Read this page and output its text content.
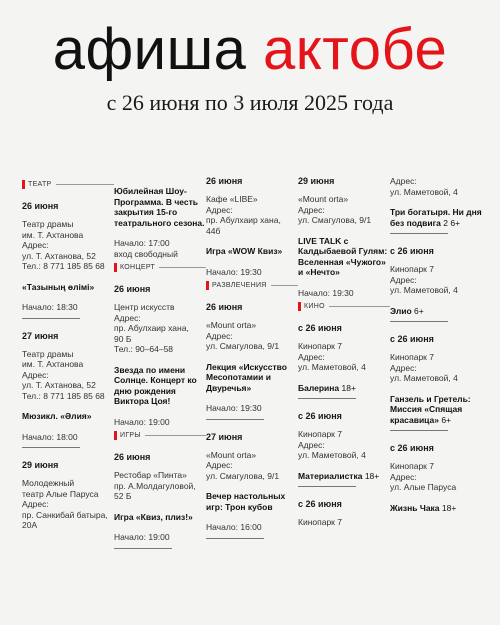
афиша актобе
с 26 июня по 3 июля 2025 года
ТЕАТР
26 июня
Театр драмы
им. Т. Ахтанова
Адрес:
ул. Т. Ахтанова, 52
Тел.: 8 771 185 85 68
«Тазының өлімі»
Начало: 18:30
27 июня
Театр драмы
им. Т. Ахтанова
Адрес:
ул. Т. Ахтанова, 52
Тел.: 8 771 185 85 68
Мюзикл. «Әлия»
Начало: 18:00
29 июня
Молодежный
театр Алые Паруса
Адрес:
пр. Санкибай батыра,
20А
Юбилейная Шоу-Программа. В честь закрытия 15-го театрального сезона.
Начало: 17:00
вход свободный
КОНЦЕРТ
26 июня
Центр искусств
Адрес:
пр. Абулхаир хана,
90 Б
Тел.: 90–64–58
Звезда по имени Солнце. Концерт ко дню рождения Виктора Цоя!
Начало: 19:00
ИГРЫ
26 июня
Рестобар «Пинта»
пр. А.Молдагуловой,
52 Б
Игра «Квиз, плиз!»
Начало: 19:00
26 июня
Кафе «LIBE»
Адрес:
пр. Абулхаир хана,
44б
Игра «WOW Квиз»
Начало: 19:30
РАЗВЛЕЧЕНИЯ
26 июня
«Mount orta»
Адрес:
ул. Смагулова, 9/1
Лекция «Искусство Месопотамии и Двуречья»
Начало: 19:30
27 июня
«Mount orta»
Адрес:
ул. Смагулова, 9/1
Вечер настольных игр: Трон кубов
Начало: 16:00
29 июня
«Mount orta»
Адрес:
ул. Смагулова, 9/1
LIVE TALK с Калдыбаевой Гулям: Вселенная «Чужого» и «Нечто»
Начало: 19:30
КИНО
с 26 июня
Кинопарк 7
Адрес:
ул. Маметовой, 4
Балерина 18+
с 26 июня
Кинопарк 7
Адрес:
ул. Маметовой, 4
Материалистка 18+
с 26 июня
Кинопарк 7
Адрес:
ул. Маметовой, 4
Три богатыря. Ни дня без подвига 2 6+
с 26 июня
Кинопарк 7
Адрес:
ул. Маметовой, 4
Элио 6+
с 26 июня
Кинопарк 7
Адрес:
ул. Маметовой, 4
Ганзель и Гретель: Миссия «Спящая красавица» 6+
с 26 июня
Кинопарк 7
Адрес:
ул. Алые Паруса
Жизнь Чака 18+
